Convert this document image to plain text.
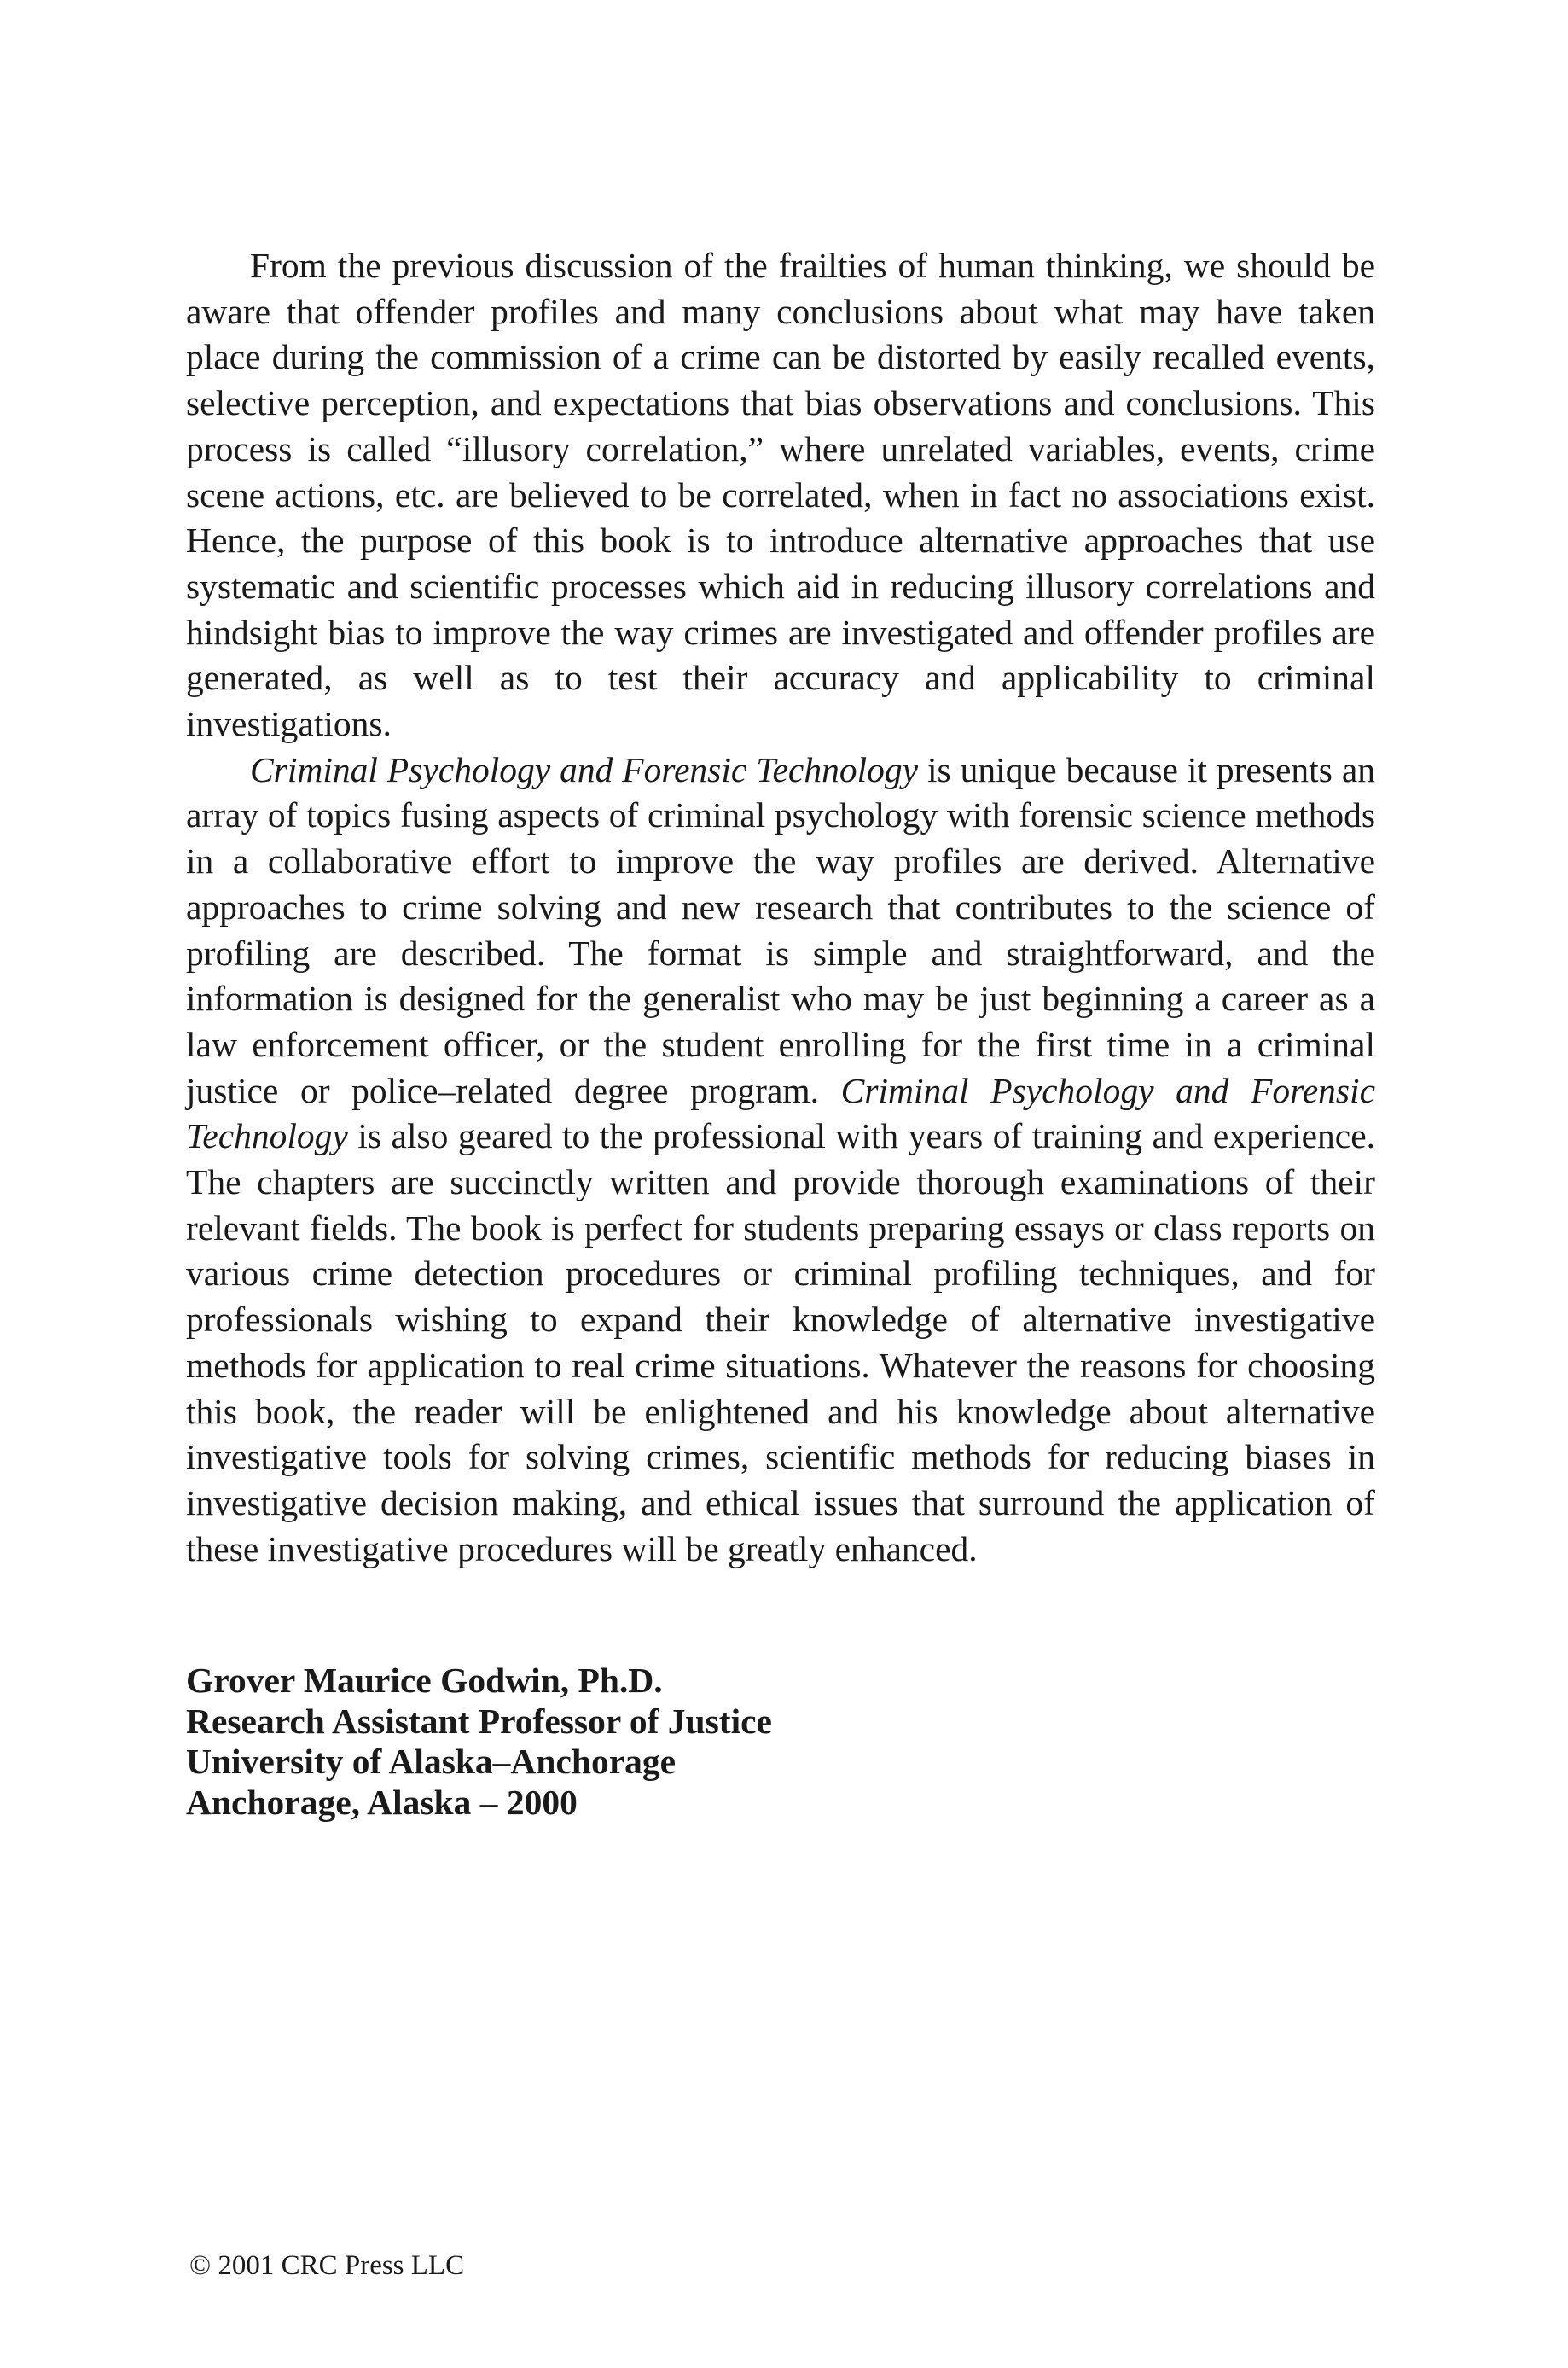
From the previous discussion of the frailties of human thinking, we should be aware that offender profiles and many conclusions about what may have taken place during the commission of a crime can be distorted by easily recalled events, selective perception, and expectations that bias observations and conclusions. This process is called “illusory correlation,” where unrelated variables, events, crime scene actions, etc. are believed to be correlated, when in fact no associations exist. Hence, the purpose of this book is to introduce alternative approaches that use systematic and scientific processes which aid in reducing illusory correlations and hindsight bias to improve the way crimes are investigated and offender profiles are generated, as well as to test their accuracy and applicability to criminal investigations.

Criminal Psychology and Forensic Technology is unique because it presents an array of topics fusing aspects of criminal psychology with forensic science methods in a collaborative effort to improve the way profiles are derived. Alternative approaches to crime solving and new research that contributes to the science of profiling are described. The format is simple and straightforward, and the information is designed for the generalist who may be just beginning a career as a law enforcement officer, or the student enrolling for the first time in a criminal justice or police–related degree program. Criminal Psychology and Forensic Technology is also geared to the professional with years of training and experience. The chapters are succinctly written and provide thorough examinations of their relevant fields. The book is perfect for students preparing essays or class reports on various crime detection procedures or criminal profiling techniques, and for professionals wishing to expand their knowledge of alternative investigative methods for application to real crime situations. Whatever the reasons for choosing this book, the reader will be enlightened and his knowledge about alternative investigative tools for solving crimes, scientific methods for reducing biases in investigative decision making, and ethical issues that surround the application of these investigative procedures will be greatly enhanced.

Grover Maurice Godwin, Ph.D.

Research Assistant Professor of Justice

University of Alaska–Anchorage

Anchorage, Alaska – 2000

© 2001 CRC Press LLC
